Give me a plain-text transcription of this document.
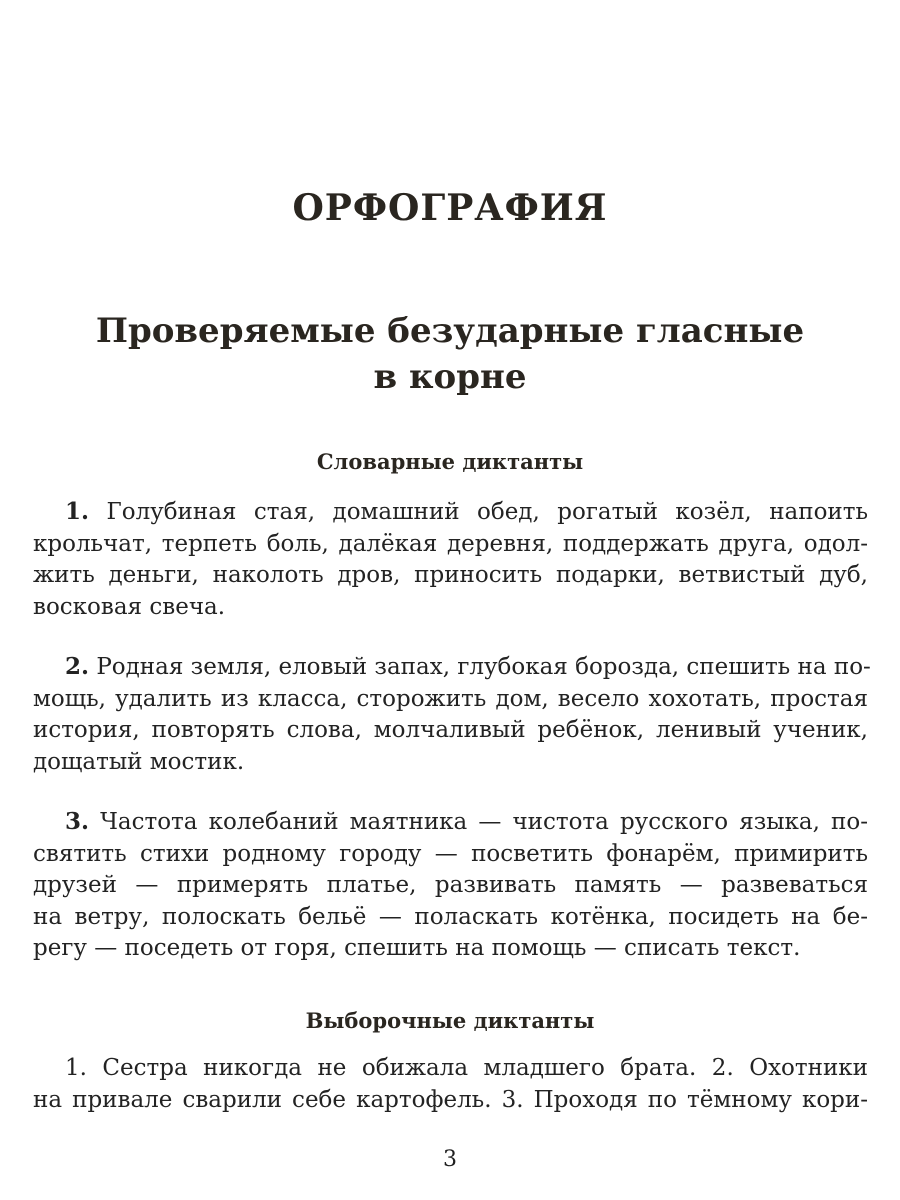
ОРФОГРАФИЯ
Проверяемые безударные гласные
в корне
Словарные диктанты
1. Голубиная стая, домашний обед, рогатый козёл, напоить
крольчат, терпеть боль, далёкая деревня, поддержать друга, одол-
жить деньги, наколоть дров, приносить подарки, ветвистый дуб,
восковая свеча.
2. Родная земля, еловый запах, глубокая борозда, спешить на по-
мощь, удалить из класса, сторожить дом, весело хохотать, простая
история, повторять слова, молчаливый ребёнок, ленивый ученик,
дощатый мостик.
3. Частота колебаний маятника — чистота русского языка, по-
святить стихи родному городу — посветить фонарём, примирить
друзей — примерять платье, развивать память — развеваться
на ветру, полоскать бельё — поласкать котёнка, посидеть на бе-
регу — поседеть от горя, спешить на помощь — списать текст.
Выборочные диктанты
1. Сестра никогда не обижала младшего брата. 2. Охотники
на привале сварили себе картофель. 3. Проходя по тёмному кори-

3
